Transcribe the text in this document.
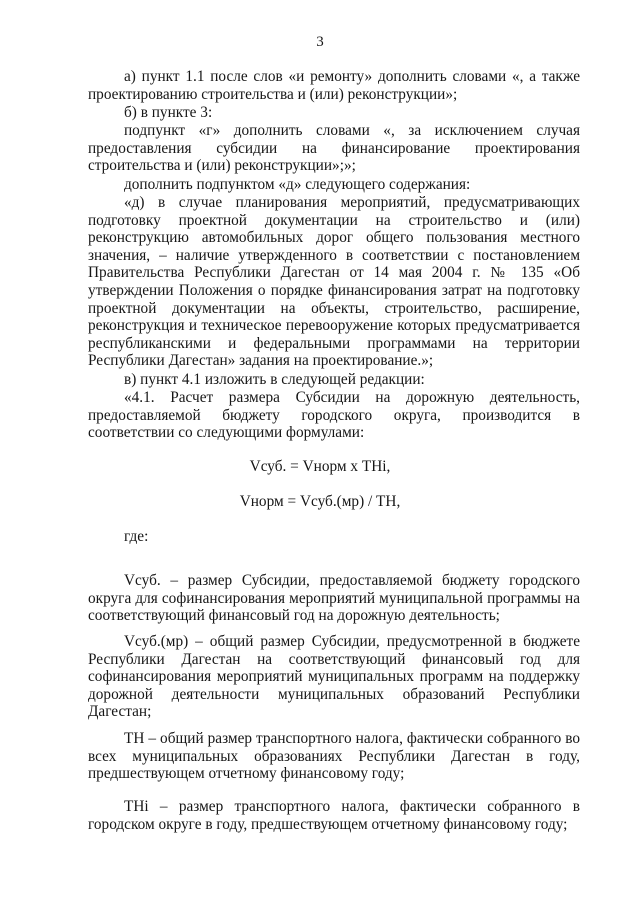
3

а) пункт 1.1 после слов «и ремонту» дополнить словами «, а также проектированию строительства и (или) реконструкции»;

б) в пункте 3:

подпункт «г» дополнить словами «, за исключением случая предоставления субсидии на финансирование проектирования строительства и (или) реконструкции»;»;

дополнить подпунктом «д» следующего содержания:

«д) в случае планирования мероприятий, предусматривающих подготовку проектной документации на строительство и (или) реконструкцию автомобильных дорог общего пользования местного значения, – наличие утвержденного в соответствии с постановлением Правительства Республики Дагестан от 14 мая 2004 г. № 135 «Об утверждении Положения о порядке финансирования затрат на подготовку проектной документации на объекты, строительство, расширение, реконструкция и техническое перевооружение которых предусматривается республиканскими и федеральными программами на территории Республики Дагестан» задания на проектирование.»;

в) пункт 4.1 изложить в следующей редакции:

«4.1. Расчет размера Субсидии на дорожную деятельность, предоставляемой бюджету городского округа, производится в соответствии со следующими формулами:

Vсуб. = Vнорм х THi,

Vнорм = Vсуб.(мр) / ТН,

где:

Vсуб. – размер Субсидии, предоставляемой бюджету городского округа для софинансирования мероприятий муниципальной программы на соответствующий финансовый год на дорожную деятельность;

Vсуб.(мр) – общий размер Субсидии, предусмотренной в бюджете Республики Дагестан на соответствующий финансовый год для софинансирования мероприятий муниципальных программ на поддержку дорожной деятельности муниципальных образований Республики Дагестан;

ТН – общий размер транспортного налога, фактически собранного во всех муниципальных образованиях Республики Дагестан в году, предшествующем отчетному финансовому году;

ТНi – размер транспортного налога, фактически собранного в городском округе в году, предшествующем отчетному финансовому году;
